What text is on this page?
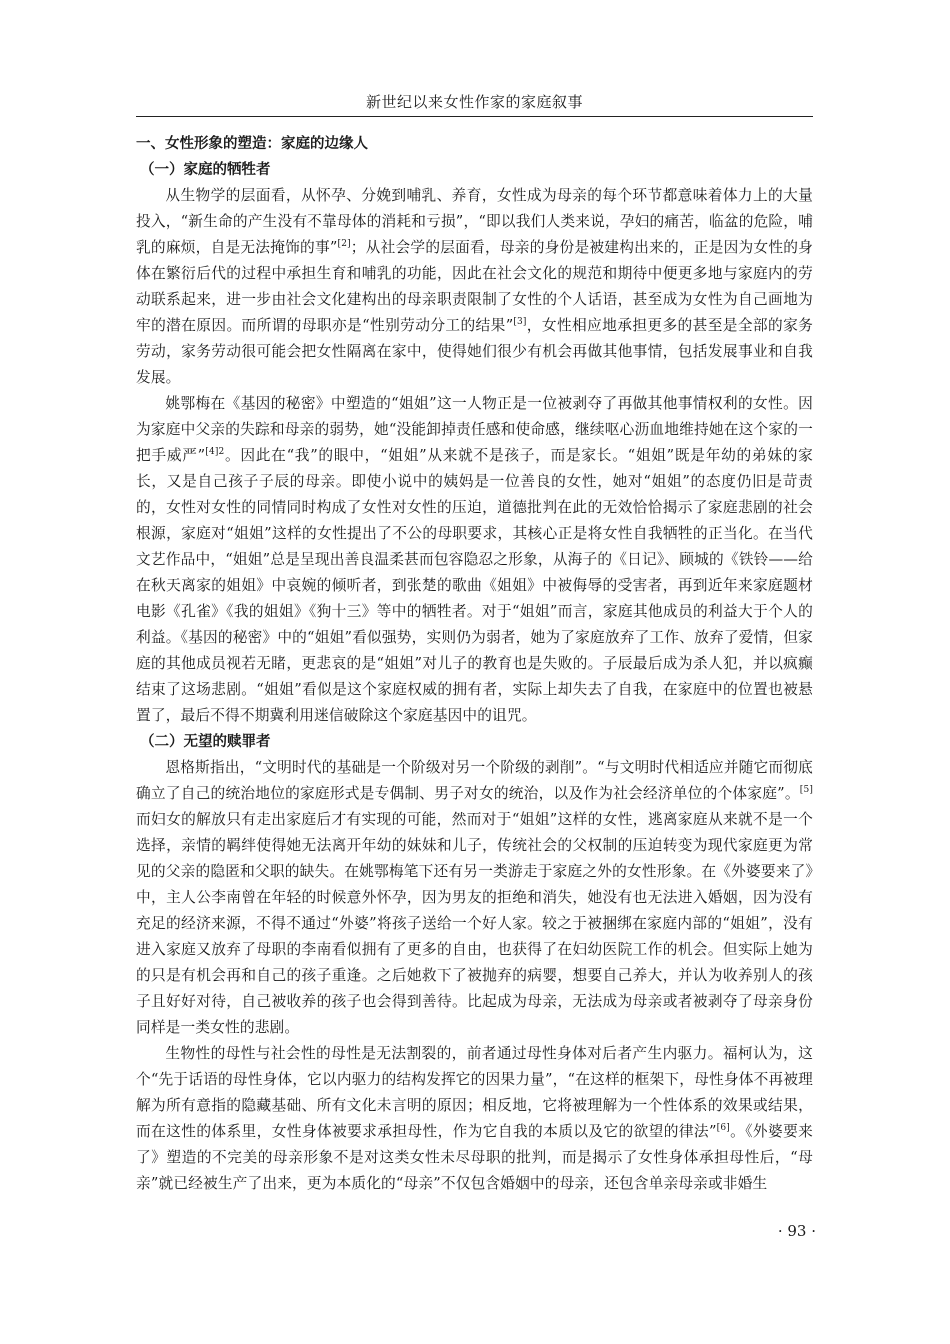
新世纪以来女性作家的家庭叙事
一、女性形象的塑造：家庭的边缘人
（一）家庭的牺牲者

从生物学的层面看，从怀孕、分娩到哺乳、养育，女性成为母亲的每个环节都意味着体力上的大量投入，“新生命的产生没有不靠母体的消耗和亏损”，“即以我们人类来说，孕妇的痛苦，临盆的危险，哺乳的麻烦，自是无法掩饰的事”[2]；从社会学的层面看，母亲的身份是被建构出来的，正是因为女性的身体在繁衍后代的过程中承担生育和哺乳的功能，因此在社会文化的规范和期待中便更多地与家庭内的劳动联系起来，进一步由社会文化建构出的母亲职责限制了女性的个人话语，甚至成为女性为自己画地为牢的潜在原因。而所谓的母职亦是“性别劳动分工的结果”[3]，女性相应地承担更多的甚至是全部的家务劳动，家务劳动很可能会把女性隔离在家中，使得她们很少有机会再做其他事情，包括发展事业和自我发展。

姚鄂梅在《基因的秘密》中塑造的“姐姐”这一人物正是一位被剥夺了再做其他事情权利的女性。因为家庭中父亲的失踪和母亲的弱势，她“没能卸掉责任感和使命感，继续呕心沥血地维持她在这个家的一把手威严”$^{[4]2}$。因此在“我”的眼中，“姐姐”从来就不是孩子，而是家长。“姐姐”既是年幼的弟妹的家长，又是自己孩子子辰的母亲。即使小说中的姨妈是一位善良的女性，她对“姐姐”的态度仍旧是苛责的，女性对女性的同情同时构成了女性对女性的压迫，道德批判在此的无效恰恰揭示了家庭悲剧的社会根源，家庭对“姐姐”这样的女性提出了不公的母职要求，其核心正是将女性自我牺牲的正当化。在当代文艺作品中，“姐姐”总是呈现出善良温柔甚而包容隐忍之形象，从海子的《日记》、顾城的《铁铃——给在秋天离家的姐姐》中哀婉的倾听者，到张楚的歌曲《姐姐》中被侮辱的受害者，再到近年来家庭题材电影《孔雀》《我的姐姐》《狗十三》等中的牺牲者。对于“姐姐”而言，家庭其他成员的利益大于个人的利益。《基因的秘密》中的“姐姐”看似强势，实则仍为弱者，她为了家庭放弃了工作、放弃了爱情，但家庭的其他成员视若无睹，更悲哀的是“姐姐”对儿子的教育也是失败的。子辰最后成为杀人犯，并以疯癫结束了这场悲剧。“姐姐”看似是这个家庭权威的拥有者，实际上却失去了自我，在家庭中的位置也被悬置了，最后不得不期冀利用迷信破除这个家庭基因中的诅咒。

（二）无望的赎罪者

恩格斯指出，“文明时代的基础是一个阶级对另一个阶级的剥削”。“与文明时代相适应并随它而彻底确立了自己的统治地位的家庭形式是专偶制、男子对女的统治，以及作为社会经济单位的个体家庭”。[5]而妇女的解放只有走出家庭后才有实现的可能，然而对于“姐姐”这样的女性，逃离家庭从来就不是一个选择，亲情的羁绊使得她无法离开年幼的妹妹和儿子，传统社会的父权制的压迫转变为现代家庭更为常见的父亲的隐匿和父职的缺失。在姚鄂梅笔下还有另一类游走于家庭之外的女性形象。在《外婆要来了》中，主人公李南曾在年轻的时候意外怀孕，因为男友的拒绝和消失，她没有也无法进入婚姻，因为没有充足的经济来源，不得不通过“外婆”将孩子送给一个好人家。较之于被捆绑在家庭内部的“姐姐”，没有进入家庭又放弃了母职的李南看似拥有了更多的自由，也获得了在妇幼医院工作的机会。但实际上她为的只是有机会再和自己的孩子重逢。之后她救下了被抛弃的病婴，想要自己养大，并认为收养别人的孩子且好好对待，自己被收养的孩子也会得到善待。比起成为母亲，无法成为母亲或者被剥夺了母亲身份同样是一类女性的悲剧。

生物性的母性与社会性的母性是无法割裂的，前者通过母性身体对后者产生内驱力。福柯认为，这个“先于话语的母性身体，它以内驱力的结构发挥它的因果力量”，“在这样的框架下，母性身体不再被理解为所有意指的隐藏基础、所有文化未言明的原因；相反地，它将被理解为一个性体系的效果或结果，而在这性的体系里，女性身体被要求承担母性，作为它自我的本质以及它的欲望的律法”[6]。《外婆要来了》塑造的不完美的母亲形象不是对这类女性未尽母职的批判，而是揭示了女性身体承担母性后，“母亲”就已经被生产了出来，更为本质化的“母亲”不仅包含婚姻中的母亲，还包含单亲母亲或非婚生

· 93 ·
